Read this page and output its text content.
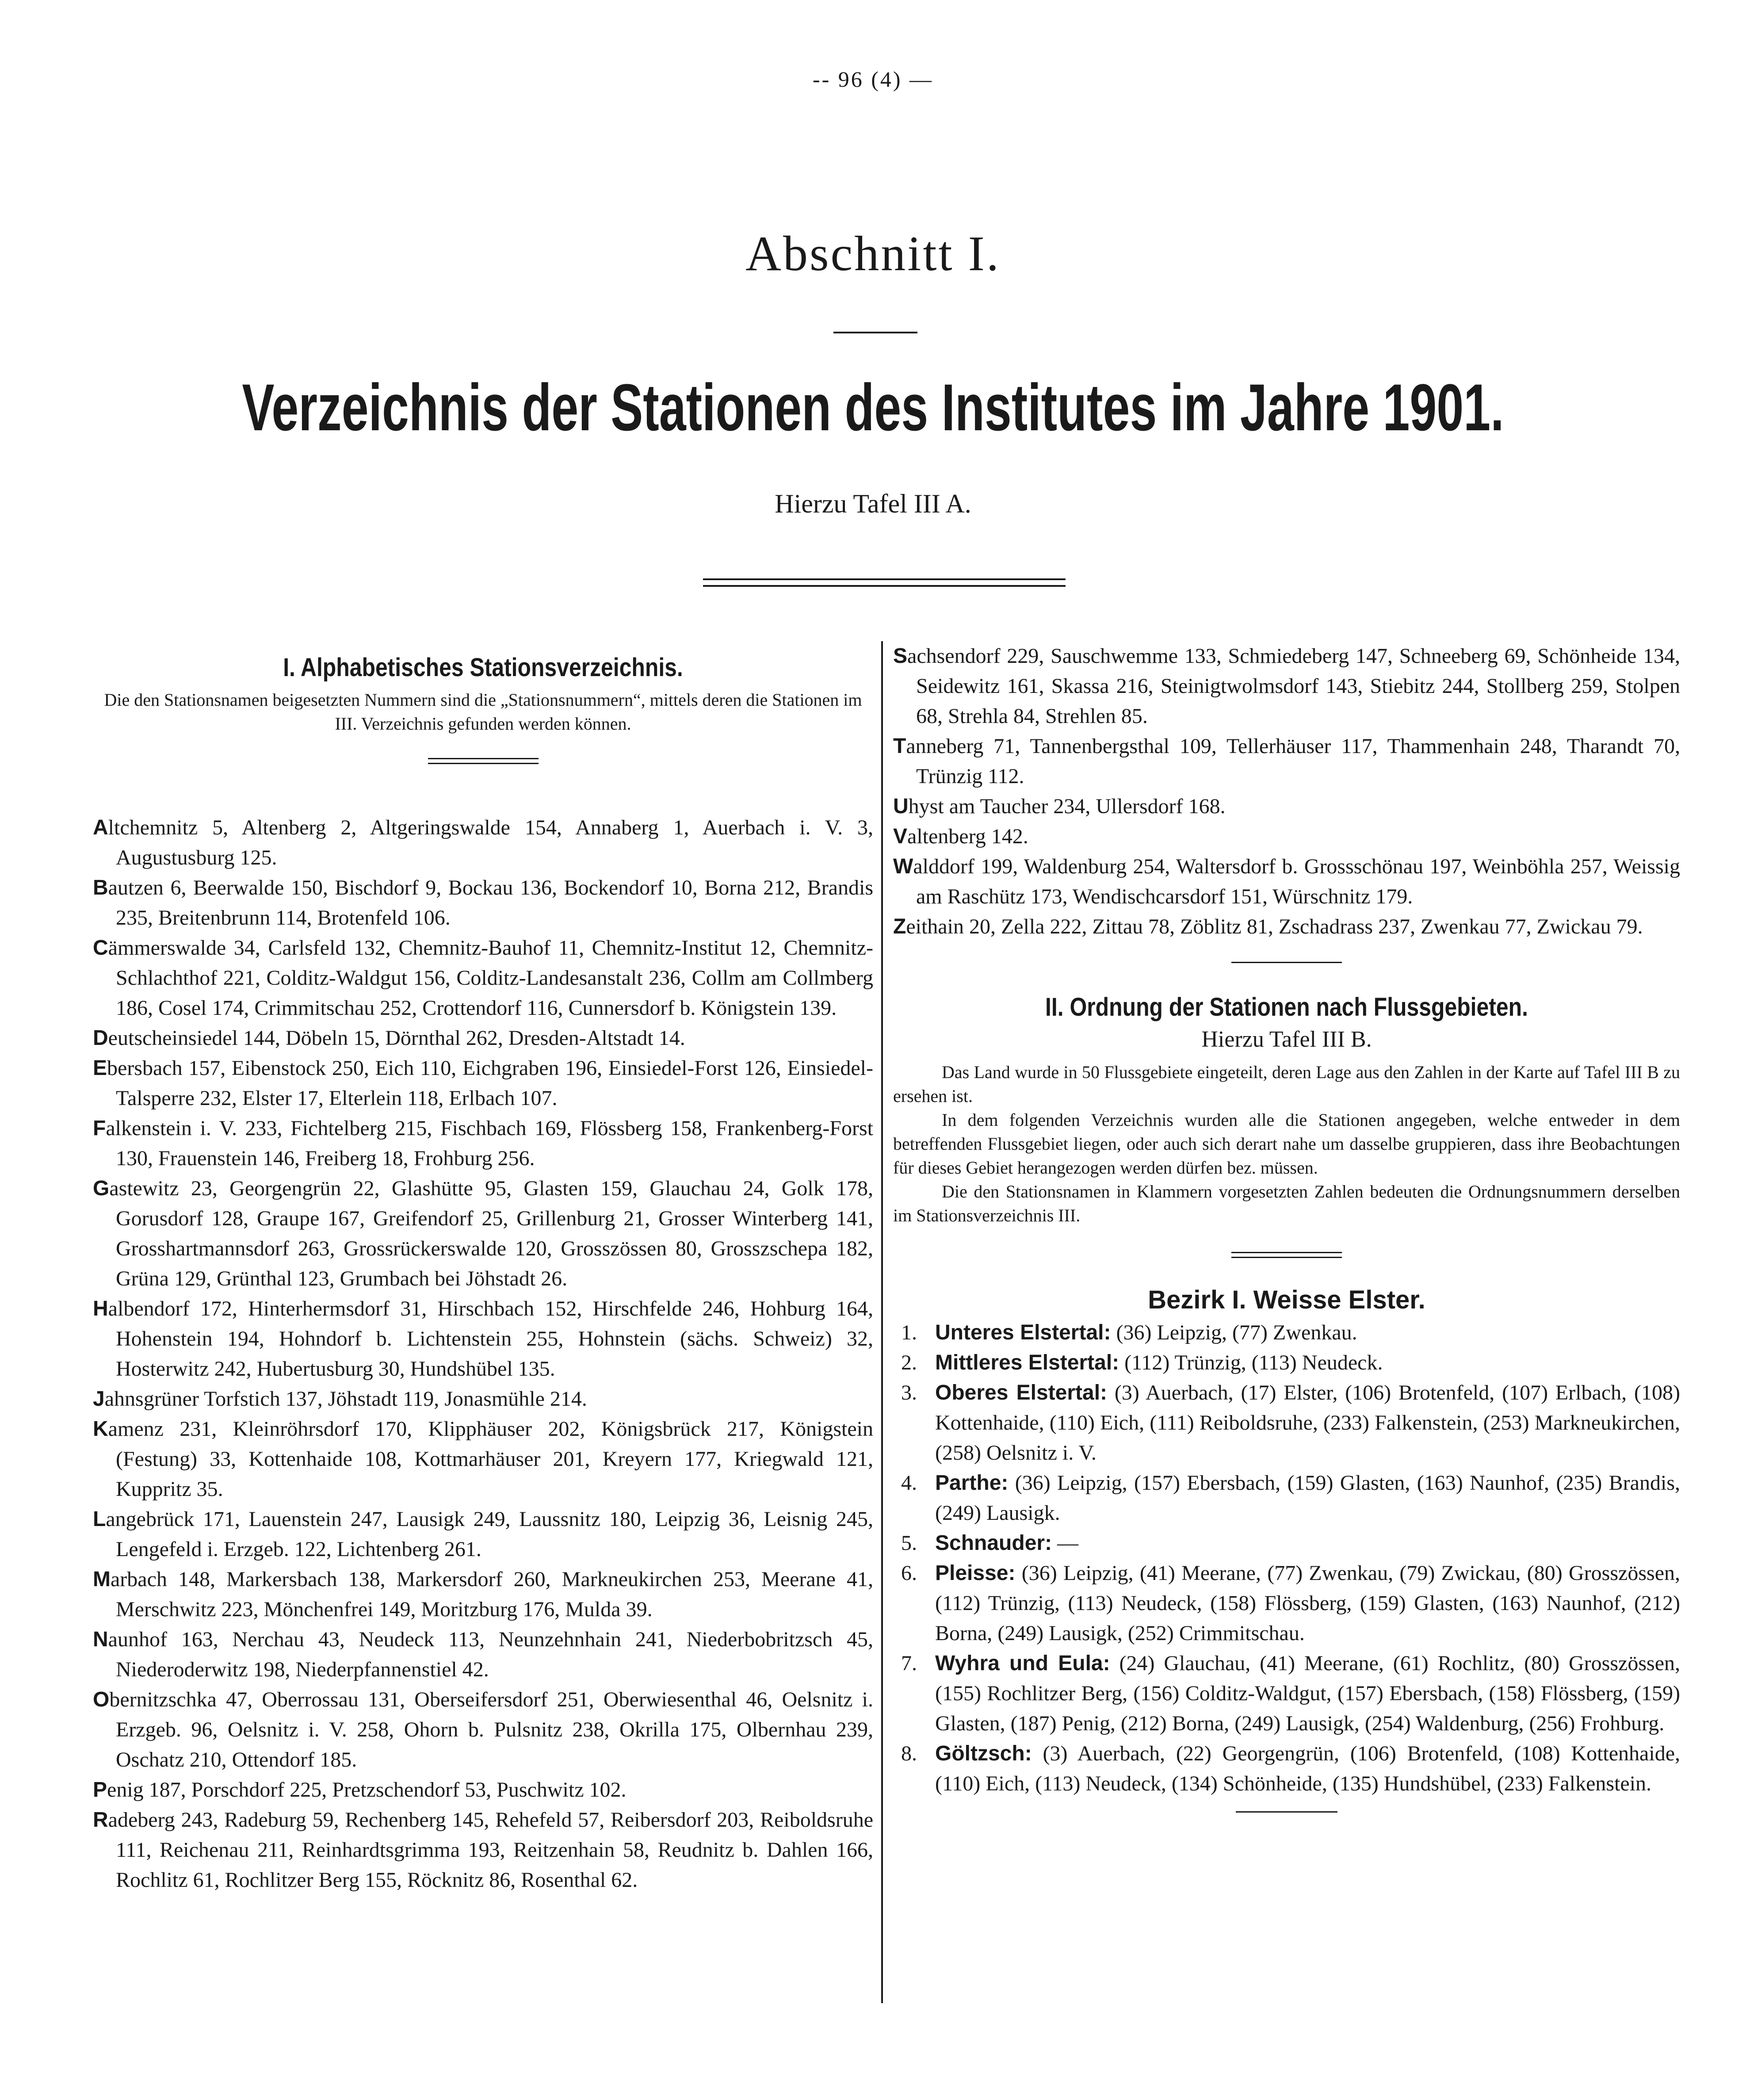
-- 96 (4) —
Abschnitt I.
Verzeichnis der Stationen des Institutes im Jahre 1901.
Hierzu Tafel III A.
I. Alphabetisches Stationsverzeichnis.
Die den Stationsnamen beigesetzten Nummern sind die „Stationsnummern“, mittels deren die Stationen im III. Verzeichnis gefunden werden können.
Altchemnitz 5, Altenberg 2, Altgeringswalde 154, Annaberg 1, Auerbach i. V. 3, Augustusburg 125.
Bautzen 6, Beerwalde 150, Bischdorf 9, Bockau 136, Bockendorf 10, Borna 212, Brandis 235, Breitenbrunn 114, Brotenfeld 106.
Cämmerswalde 34, Carlsfeld 132, Chemnitz-Bauhof 11, Chemnitz-Institut 12, Chemnitz-Schlachthof 221, Colditz-Waldgut 156, Colditz-Landesanstalt 236, Collm am Collmberg 186, Cosel 174, Crimmitschau 252, Crottendorf 116, Cunnersdorf b. Königstein 139.
Deutscheinsiedel 144, Döbeln 15, Dörnthal 262, Dresden-Altstadt 14.
Ebersbach 157, Eibenstock 250, Eich 110, Eichgraben 196, Einsiedel-Forst 126, Einsiedel-Talsperre 232, Elster 17, Elterlein 118, Erlbach 107.
Falkenstein i. V. 233, Fichtelberg 215, Fischbach 169, Flössberg 158, Frankenberg-Forst 130, Frauenstein 146, Freiberg 18, Frohburg 256.
Gastewitz 23, Georgengrün 22, Glashütte 95, Glasten 159, Glauchau 24, Golk 178, Gorusdorf 128, Graupe 167, Greifendorf 25, Grillenburg 21, Grosser Winterberg 141, Grosshartmannsdorf 263, Grossrückerswalde 120, Grosszössen 80, Grosszschepa 182, Grüna 129, Grünthal 123, Grumbach bei Jöhstadt 26.
Halbendorf 172, Hinterhermsdorf 31, Hirschbach 152, Hirschfelde 246, Hohburg 164, Hohenstein 194, Hohndorf b. Lichtenstein 255, Hohnstein (sächs. Schweiz) 32, Hosterwitz 242, Hubertusburg 30, Hundshübel 135.
Jahnsgrüner Torfstich 137, Jöhstadt 119, Jonasmühle 214.
Kamenz 231, Kleinröhrsdorf 170, Klipphäuser 202, Königsbrück 217, Königstein (Festung) 33, Kottenhaide 108, Kottmarhäuser 201, Kreyern 177, Kriegwald 121, Kuppritz 35.
Langebrück 171, Lauenstein 247, Lausigk 249, Laussnitz 180, Leipzig 36, Leisnig 245, Lengefeld i. Erzgeb. 122, Lichtenberg 261.
Marbach 148, Markersbach 138, Markersdorf 260, Markneukirchen 253, Meerane 41, Merschwitz 223, Mönchenfrei 149, Moritzburg 176, Mulda 39.
Naunhof 163, Nerchau 43, Neudeck 113, Neunzehnhain 241, Niederbobritzsch 45, Niederoderwitz 198, Niederpfannenstiel 42.
Obernitzschka 47, Oberrossau 131, Oberseifersdorf 251, Oberwiesenthal 46, Oelsnitz i. Erzgeb. 96, Oelsnitz i. V. 258, Ohorn b. Pulsnitz 238, Okrilla 175, Olbernhau 239, Oschatz 210, Ottendorf 185.
Penig 187, Porschdorf 225, Pretzschendorf 53, Puschwitz 102.
Radeberg 243, Radeburg 59, Rechenberg 145, Rehefeld 57, Reibersdorf 203, Reiboldsruhe 111, Reichenau 211, Reinhardtsgrimma 193, Reitzenhain 58, Reudnitz b. Dahlen 166, Rochlitz 61, Rochlitzer Berg 155, Röcknitz 86, Rosenthal 62.
Sachsendorf 229, Sauschwemme 133, Schmiedeberg 147, Schneeberg 69, Schönheide 134, Seidewitz 161, Skassa 216, Steinigtwolmsdorf 143, Stiebitz 244, Stollberg 259, Stolpen 68, Strehla 84, Strehlen 85.
Tanneberg 71, Tannenbergsthal 109, Tellerhäuser 117, Thammenhain 248, Tharandt 70, Trünzig 112.
Uhyst am Taucher 234, Ullersdorf 168.
Valtenberg 142.
Walddorf 199, Waldenburg 254, Waltersdorf b. Grossschönau 197, Weinböhla 257, Weissig am Raschütz 173, Wendischcarsdorf 151, Würschnitz 179.
Zeithain 20, Zella 222, Zittau 78, Zöblitz 81, Zschadrass 237, Zwenkau 77, Zwickau 79.
II. Ordnung der Stationen nach Flussgebieten.
Hierzu Tafel III B.
Das Land wurde in 50 Flussgebiete eingeteilt, deren Lage aus den Zahlen in der Karte auf Tafel III B zu ersehen ist.
In dem folgenden Verzeichnis wurden alle die Stationen angegeben, welche entweder in dem betreffenden Flussgebiet liegen, oder auch sich derart nahe um dasselbe gruppieren, dass ihre Beobachtungen für dieses Gebiet herangezogen werden dürfen bez. müssen.
Die den Stationsnamen in Klammern vorgesetzten Zahlen bedeuten die Ordnungsnummern derselben im Stationsverzeichnis III.
Bezirk I. Weisse Elster.
1. Unteres Elstertal: (36) Leipzig, (77) Zwenkau.
2. Mittleres Elstertal: (112) Trünzig, (113) Neudeck.
3. Oberes Elstertal: (3) Auerbach, (17) Elster, (106) Brotenfeld, (107) Erlbach, (108) Kottenhaide, (110) Eich, (111) Reiboldsruhe, (233) Falkenstein, (253) Markneukirchen, (258) Oelsnitz i. V.
4. Parthe: (36) Leipzig, (157) Ebersbach, (159) Glasten, (163) Naunhof, (235) Brandis, (249) Lausigk.
5. Schnauder: —
6. Pleisse: (36) Leipzig, (41) Meerane, (77) Zwenkau, (79) Zwickau, (80) Grosszössen, (112) Trünzig, (113) Neudeck, (158) Flössberg, (159) Glasten, (163) Naunhof, (212) Borna, (249) Lausigk, (252) Crimmitschau.
7. Wyhra und Eula: (24) Glauchau, (41) Meerane, (61) Rochlitz, (80) Grosszössen, (155) Rochlitzer Berg, (156) Colditz-Waldgut, (157) Ebersbach, (158) Flössberg, (159) Glasten, (187) Penig, (212) Borna, (249) Lausigk, (254) Waldenburg, (256) Frohburg.
8. Göltzsch: (3) Auerbach, (22) Georgengrün, (106) Brotenfeld, (108) Kottenhaide, (110) Eich, (113) Neudeck, (134) Schönheide, (135) Hundshübel, (233) Falkenstein.
